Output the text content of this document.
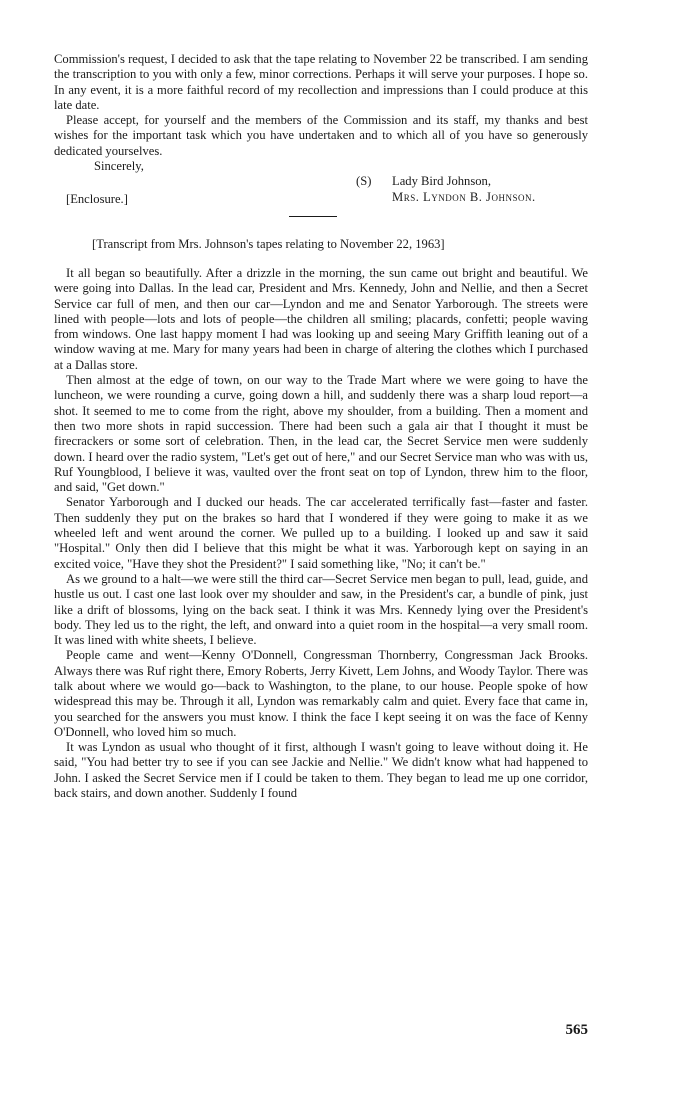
Commission's request, I decided to ask that the tape relating to November 22 be transcribed. I am sending the transcription to you with only a few, minor corrections. Perhaps it will serve your purposes. I hope so. In any event, it is a more faithful record of my recollection and impressions than I could produce at this late date.

Please accept, for yourself and the members of the Commission and its staff, my thanks and best wishes for the important task which you have undertaken and to which all of you have so generously dedicated yourselves.

Sincerely,
(S) Lady Bird Johnson,
Mrs. Lyndon B. Johnson.
[Enclosure.]
[Transcript from Mrs. Johnson's tapes relating to November 22, 1963]

It all began so beautifully. After a drizzle in the morning, the sun came out bright and beautiful. We were going into Dallas. In the lead car, President and Mrs. Kennedy, John and Nellie, and then a Secret Service car full of men, and then our car—Lyndon and me and Senator Yarborough. The streets were lined with people—lots and lots of people—the children all smiling; placards, confetti; people waving from windows. One last happy moment I had was looking up and seeing Mary Griffith leaning out of a window waving at me. Mary for many years had been in charge of altering the clothes which I purchased at a Dallas store.

Then almost at the edge of town, on our way to the Trade Mart where we were going to have the luncheon, we were rounding a curve, going down a hill, and suddenly there was a sharp loud report—a shot. It seemed to me to come from the right, above my shoulder, from a building. Then a moment and then two more shots in rapid succession. There had been such a gala air that I thought it must be firecrackers or some sort of celebration. Then, in the lead car, the Secret Service men were suddenly down. I heard over the radio system, "Let's get out of here," and our Secret Service man who was with us, Ruf Youngblood, I believe it was, vaulted over the front seat on top of Lyndon, threw him to the floor, and said, "Get down."

Senator Yarborough and I ducked our heads. The car accelerated terrifically fast—faster and faster. Then suddenly they put on the brakes so hard that I wondered if they were going to make it as we wheeled left and went around the corner. We pulled up to a building. I looked up and saw it said "Hospital." Only then did I believe that this might be what it was. Yarborough kept on saying in an excited voice, "Have they shot the President?" I said something like, "No; it can't be."

As we ground to a halt—we were still the third car—Secret Service men began to pull, lead, guide, and hustle us out. I cast one last look over my shoulder and saw, in the President's car, a bundle of pink, just like a drift of blossoms, lying on the back seat. I think it was Mrs. Kennedy lying over the President's body. They led us to the right, the left, and onward into a quiet room in the hospital—a very small room. It was lined with white sheets, I believe.

People came and went—Kenny O'Donnell, Congressman Thornberry, Congressman Jack Brooks. Always there was Ruf right there, Emory Roberts, Jerry Kivett, Lem Johns, and Woody Taylor. There was talk about where we would go—back to Washington, to the plane, to our house. People spoke of how widespread this may be. Through it all, Lyndon was remarkably calm and quiet. Every face that came in, you searched for the answers you must know. I think the face I kept seeing it on was the face of Kenny O'Donnell, who loved him so much.

It was Lyndon as usual who thought of it first, although I wasn't going to leave without doing it. He said, "You had better try to see if you can see Jackie and Nellie." We didn't know what had happened to John. I asked the Secret Service men if I could be taken to them. They began to lead me up one corridor, back stairs, and down another. Suddenly I found

565
